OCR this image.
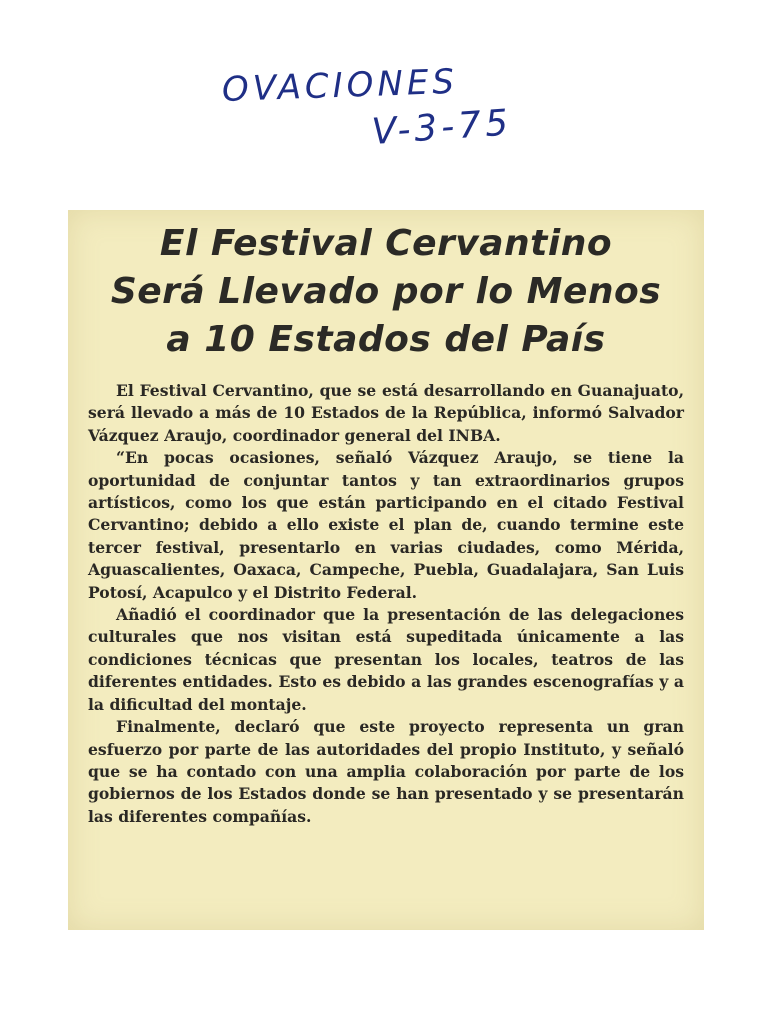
OVACIONES
V-3-75
El Festival Cervantino
Será Llevado por lo Menos
a 10 Estados del País

El Festival Cervantino, que se está desarrollando en Guanajuato, será llevado a más de 10 Estados de la República, informó Salvador Vázquez Araujo, coordinador general del INBA.

“En pocas ocasiones, señaló Vázquez Araujo, se tiene la oportunidad de conjuntar tantos y tan extraordinarios grupos artísticos, como los que están participando en el citado Festival Cervantino; debido a ello existe el plan de, cuando termine este tercer festival, presentarlo en varias ciudades, como Mérida, Aguascalientes, Oaxaca, Campeche, Puebla, Guadalajara, San Luis Potosí, Acapulco y el Distrito Federal.

Añadió el coordinador que la presentación de las delegaciones culturales que nos visitan está supeditada únicamente a las condiciones técnicas que presentan los locales, teatros de las diferentes entidades. Esto es debido a las grandes escenografías y a la dificultad del montaje.

Finalmente, declaró que este proyecto representa un gran esfuerzo por parte de las autoridades del propio Instituto, y señaló que se ha contado con una amplia colaboración por parte de los gobiernos de los Estados donde se han presentado y se presentarán las diferentes compañías.
